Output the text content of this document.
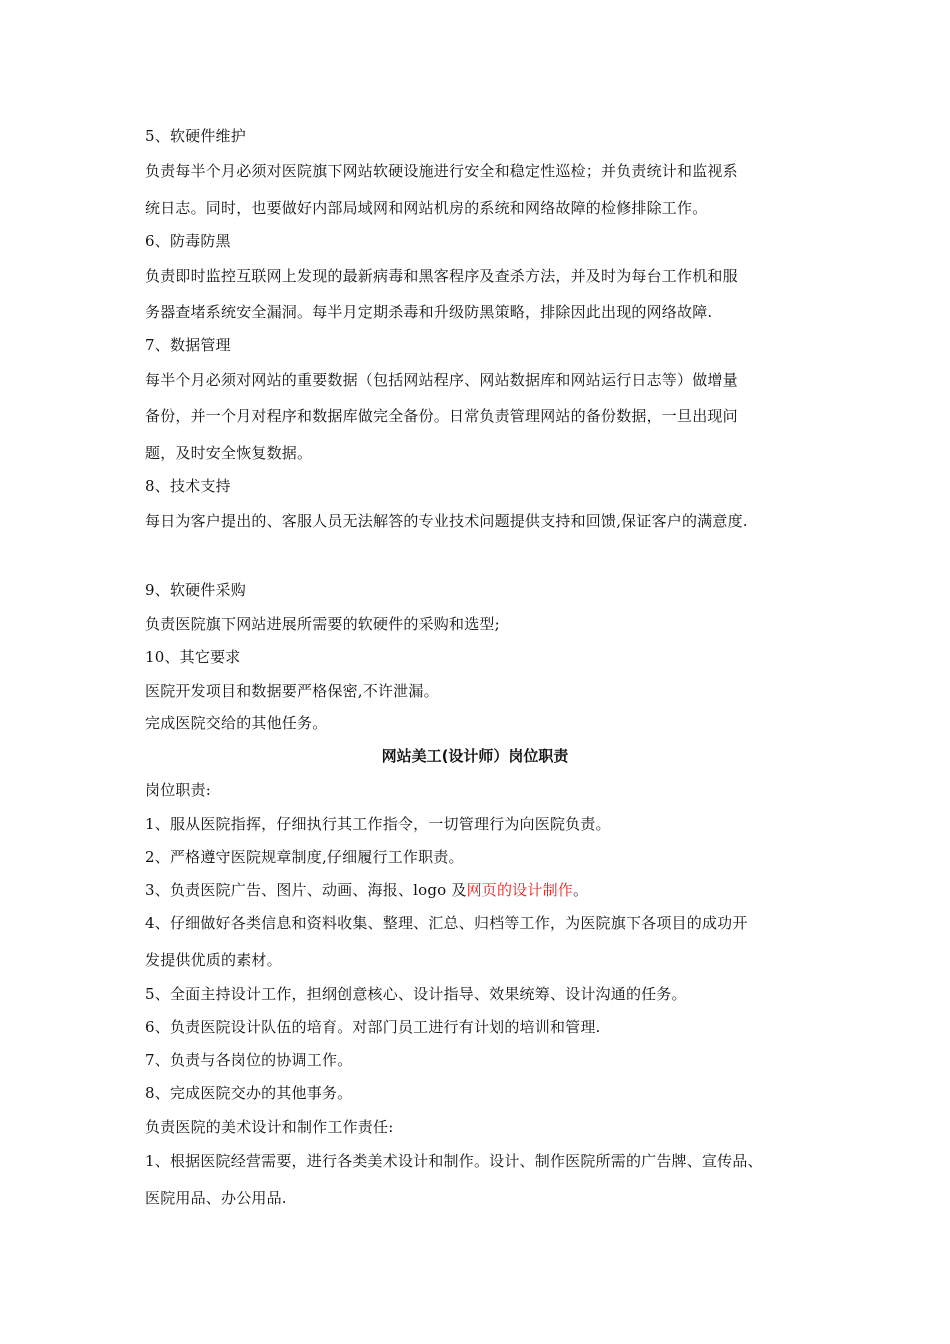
5、软硬件维护
负责每半个月必须对医院旗下网站软硬设施进行安全和稳定性巡检；并负责统计和监视系
统日志。同时，也要做好内部局域网和网站机房的系统和网络故障的检修排除工作。
6、防毒防黑
负责即时监控互联网上发现的最新病毒和黑客程序及查杀方法，并及时为每台工作机和服
务器查堵系统安全漏洞。每半月定期杀毒和升级防黑策略，排除因此出现的网络故障.
7、数据管理
每半个月必须对网站的重要数据（包括网站程序、网站数据库和网站运行日志等）做增量
备份，并一个月对程序和数据库做完全备份。日常负责管理网站的备份数据，一旦出现问
题，及时安全恢复数据。
8、技术支持
每日为客户提出的、客服人员无法解答的专业技术问题提供支持和回馈,保证客户的满意度.
9、软硬件采购
负责医院旗下网站进展所需要的软硬件的采购和选型;
10、其它要求
医院开发项目和数据要严格保密,不许泄漏。
完成医院交给的其他任务。
网站美工(设计师）岗位职责
岗位职责:
1、服从医院指挥，仔细执行其工作指令，一切管理行为向医院负责。
2、严格遵守医院规章制度,仔细履行工作职责。
3、负责医院广告、图片、动画、海报、logo 及网页的设计制作。
4、仔细做好各类信息和资料收集、整理、汇总、归档等工作，为医院旗下各项目的成功开
发提供优质的素材。
5、全面主持设计工作，担纲创意核心、设计指导、效果统筹、设计沟通的任务。
6、负责医院设计队伍的培育。对部门员工进行有计划的培训和管理.
7、负责与各岗位的协调工作。
8、完成医院交办的其他事务。
负责医院的美术设计和制作工作责任:
1、根据医院经营需要，进行各类美术设计和制作。设计、制作医院所需的广告牌、宣传品、
医院用品、办公用品.
